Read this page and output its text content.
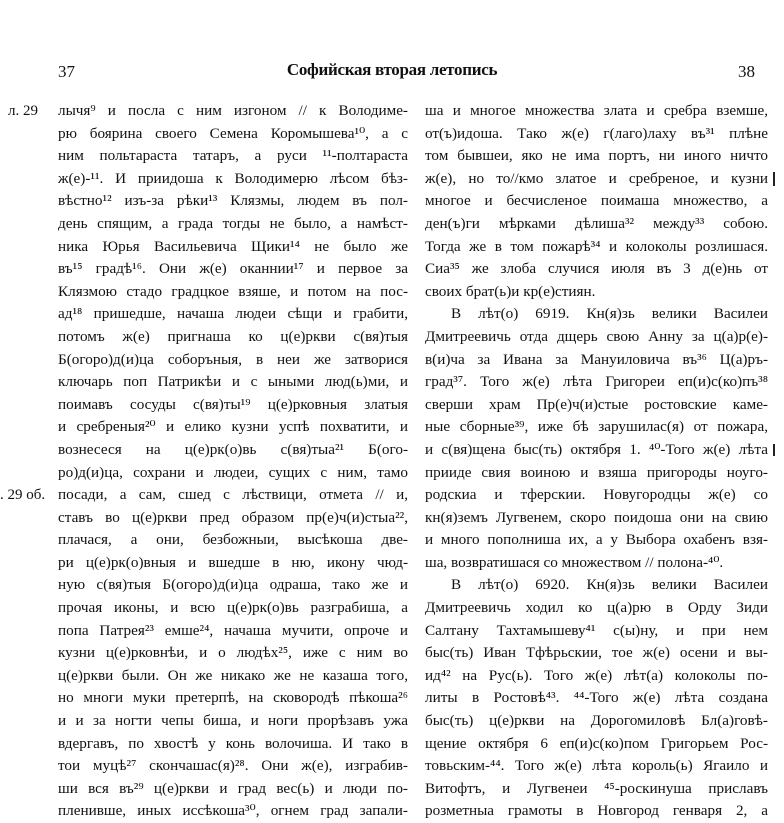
37	Софийская вторая летопись	38
л. 29
. 29 об.
лычя⁹ и посла с ним изгоном // к Володиме-
рю боярина своего Семена Коромышева¹⁰, а с
ним польтараста татаръ, а руси ¹¹-полтараста
ж(е)-¹¹. И приидоша к Володимерю лѣсом бѣз-
вѣстно¹² изъ-за рѣки¹³ Клязмы, людем въ пол-
день спящим, а града тогды не было, а намѣст-
ника Юрья Васильевича Щики¹⁴ не было же
въ¹⁵ градѣ¹⁶. Они ж(е) оканнии¹⁷ и первое за
Клязмою стадо градцкое взяше, и потом на пос-
ад¹⁸ пришедше, начаша людеи сѣщи и грабити,
потомъ ж(е) пригнаша ко ц(е)ркви с(вя)тыя
Б(огоро)д(и)ца соборъныя, в неи же затворися
ключарь поп Патрикѣи и с ыными люд(ь)ми, и
поимавъ сосуды с(вя)ты¹⁹ ц(е)рковныя златыя
и сребреныя²⁰ и елико кузни успѣ похватити, и
вознесеся на ц(е)рк(о)вь с(вя)тыа²¹ Б(ого-
ро)д(и)ца, сохрани и людеи, сущих с ним, тамо
посади, а сам, сшед с лѣствици, отмета // и,
ставъ во ц(е)ркви пред образом пр(е)ч(и)стыа²²,
плачася, а они, безбожныи, высѣкоша две-
ри ц(е)рк(о)вныя и вшедше в ню, икону чюд-
ную с(вя)тыя Б(огоро)д(и)ца одраша, тако же и
прочая иконы, и всю ц(е)рк(о)вь разграбиша, а
попа Патрея²³ емше²⁴, начаша мучити, опроче и
кузни ц(е)рковнѣи, и о людѣх²⁵, иже с ним во
ц(е)ркви были. Он же никако же не казаша тогo,
но многи муки претерпѣ, на сковородѣ пѣкоша²⁶
и и за ногти чепы биша, и ноги прорѣзавъ ужа
вдергавъ, по хвостѣ у конь волочиша. И тако в
тои муцѣ²⁷ скончашас(я)²⁸. Они ж(е), изграбив-
ши вся въ²⁹ ц(е)ркви и град вес(ь) и люди по-
пленивше, иных иссѣкоша³⁰, огнем град запали-
ша и многое множества злата и сребра вземше,
от(ъ)идоша. Тако ж(е) г(лаго)лаху въ³¹ плѣне
том бывшеи, яко не има портъ, ни иного ничто
ж(е), но то//кмо златое и сребреное, и кузни
многое и бесчисленое поимаша множество, а
ден(ъ)ги мѣрками дѣлиша³² междy³³ собою.
Тогда же в том пожарѣ³⁴ и колоколы розлишася.
Сиа³⁵ же злоба случися июля въ 3 д(е)нь от
своих брат(ь)и кр(е)стиян.
В лѣт(о) 6919. Кн(я)зь велики Василеи
Дмитреевичь отда дщерь свою Анну за ц(а)р(е)-
в(и)ча за Ивана за Мануиловича въ³⁶ Ц(а)ръ-
град³⁷. Того ж(е) лѣта Григореи еп(и)с(ко)пъ³⁸
сверши храм Пр(е)ч(и)стые ростовские каме-
ные сборные³⁹, иже бѣ зарушилас(я) от пожара,
и с(вя)щена быс(ть) октября 1. ⁴⁰-Того ж(е) лѣта
прииде свия воиною и взяша пригороды ноуго-
родскиа и тферскии. Новугородцы ж(е) со
кн(я)земъ Лугвенем, скоро поидоша они на свию
и много пополниша их, а у Выбора охабенъ взя-
ша, возвратишася со множеством // полона-⁴⁰.
В лѣт(о) 6920. Кн(я)зь велики Василеи
Дмитреевичь ходил ко ц(а)рю в Орду Зиди
Салтану Тахтамышеву⁴¹ с(ы)ну, и при нем
быс(ть) Иван Тфѣрьскии, тое ж(е) осени и вы-
ид⁴² на Рус(ь). Того ж(е) лѣт(а) колоколы по-
литы в Ростовѣ⁴³. ⁴⁴-Того ж(е) лѣта создана
быс(ть) ц(е)ркви на Дорогомиловѣ Бл(а)говѣ-
щение октября 6 еп(и)с(ко)пом Григорьем Рос-
товьским-⁴⁴. Того ж(е) лѣта король(ь) Ягаило и
Витофтъ, и Лугвенеи ⁴⁵-роскинуша приславъ
розметныа грамоты в Новгород генваря 2, а
